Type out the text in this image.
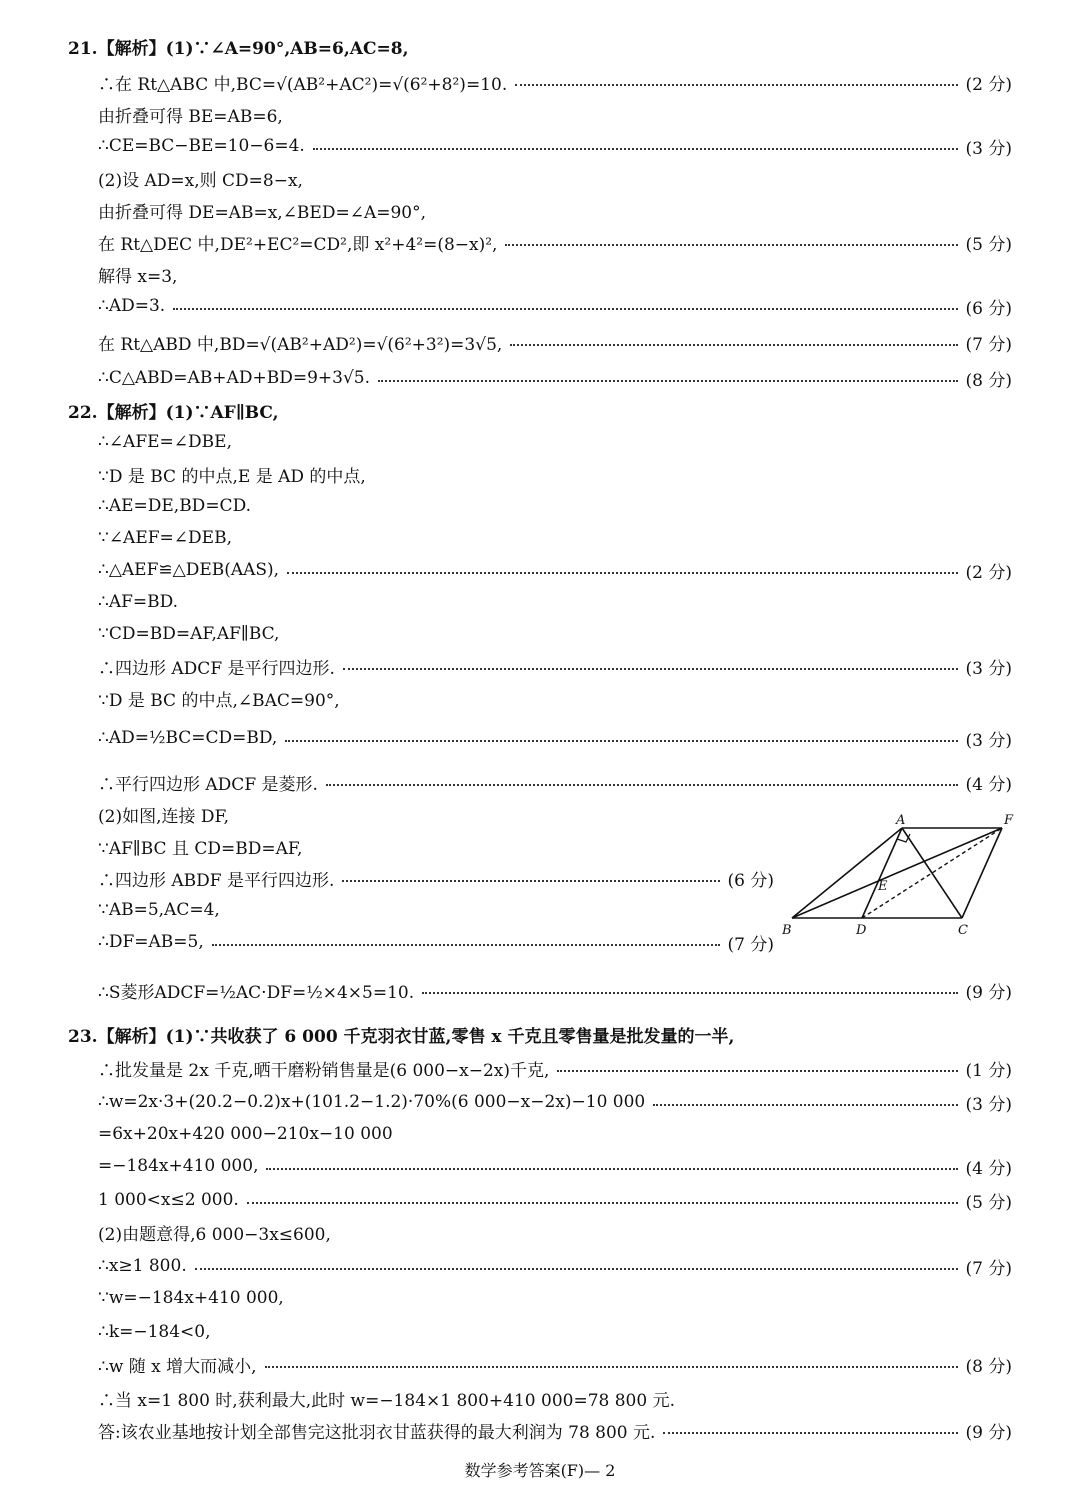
21.【解析】(1)∵∠A=90°,AB=6,AC=8,
∴在 Rt△ABC 中,BC=√(AB²+AC²)=√(6²+8²)=10.	(2 分)
由折叠可得 BE=AB=6,
∴CE=BC−BE=10−6=4.	(3 分)
(2)设 AD=x,则 CD=8−x,
由折叠可得 DE=AB=x,∠BED=∠A=90°,
在 Rt△DEC 中,DE²+EC²=CD²,即 x²+4²=(8−x)²,	(5 分)
解得 x=3,
∴AD=3.	(6 分)
在 Rt△ABD 中,BD=√(AB²+AD²)=√(6²+3²)=3√5,	(7 分)
∴C△ABD=AB+AD+BD=9+3√5.	(8 分)
22.【解析】(1)∵AF∥BC,
∴∠AFE=∠DBE,
∵D 是 BC 的中点,E 是 AD 的中点,
∴AE=DE,BD=CD.
∵∠AEF=∠DEB,
∴△AEF≌△DEB(AAS),	(2 分)
∴AF=BD.
∵CD=BD=AF,AF∥BC,
∴四边形 ADCF 是平行四边形.	(3 分)
∵D 是 BC 的中点,∠BAC=90°,
∴AD=½BC=CD=BD,	(3 分)
∴平行四边形 ADCF 是菱形.	(4 分)
(2)如图,连接 DF,
∵AF∥BC 且 CD=BD=AF,
∴四边形 ABDF 是平行四边形.	(6 分)
∵AB=5,AC=4,
∴DF=AB=5,	(7 分)
∴S菱形ADCF=½AC·DF=½×4×5=10.	(9 分)
23.【解析】(1)∵共收获了 6 000 千克羽衣甘蓝,零售 x 千克且零售量是批发量的一半,
∴批发量是 2x 千克,晒干磨粉销售量是(6 000−x−2x)千克,	(1 分)
∴w=2x·3+(20.2−0.2)x+(101.2−1.2)·70%(6 000−x−2x)−10 000	(3 分)
=6x+20x+420 000−210x−10 000
=−184x+410 000,	(4 分)
1 000<x≤2 000.	(5 分)
(2)由题意得,6 000−3x≤600,
∴x≥1 800.	(7 分)
∵w=−184x+410 000,
∴k=−184<0,
∴w 随 x 增大而减小,	(8 分)
∴当 x=1 800 时,获利最大,此时 w=−184×1 800+410 000=78 800 元.
答:该农业基地按计划全部售完这批羽衣甘蓝获得的最大利润为 78 800 元.	(9 分)
A	F
E
B	D	C
数学参考答案(F)— 2
